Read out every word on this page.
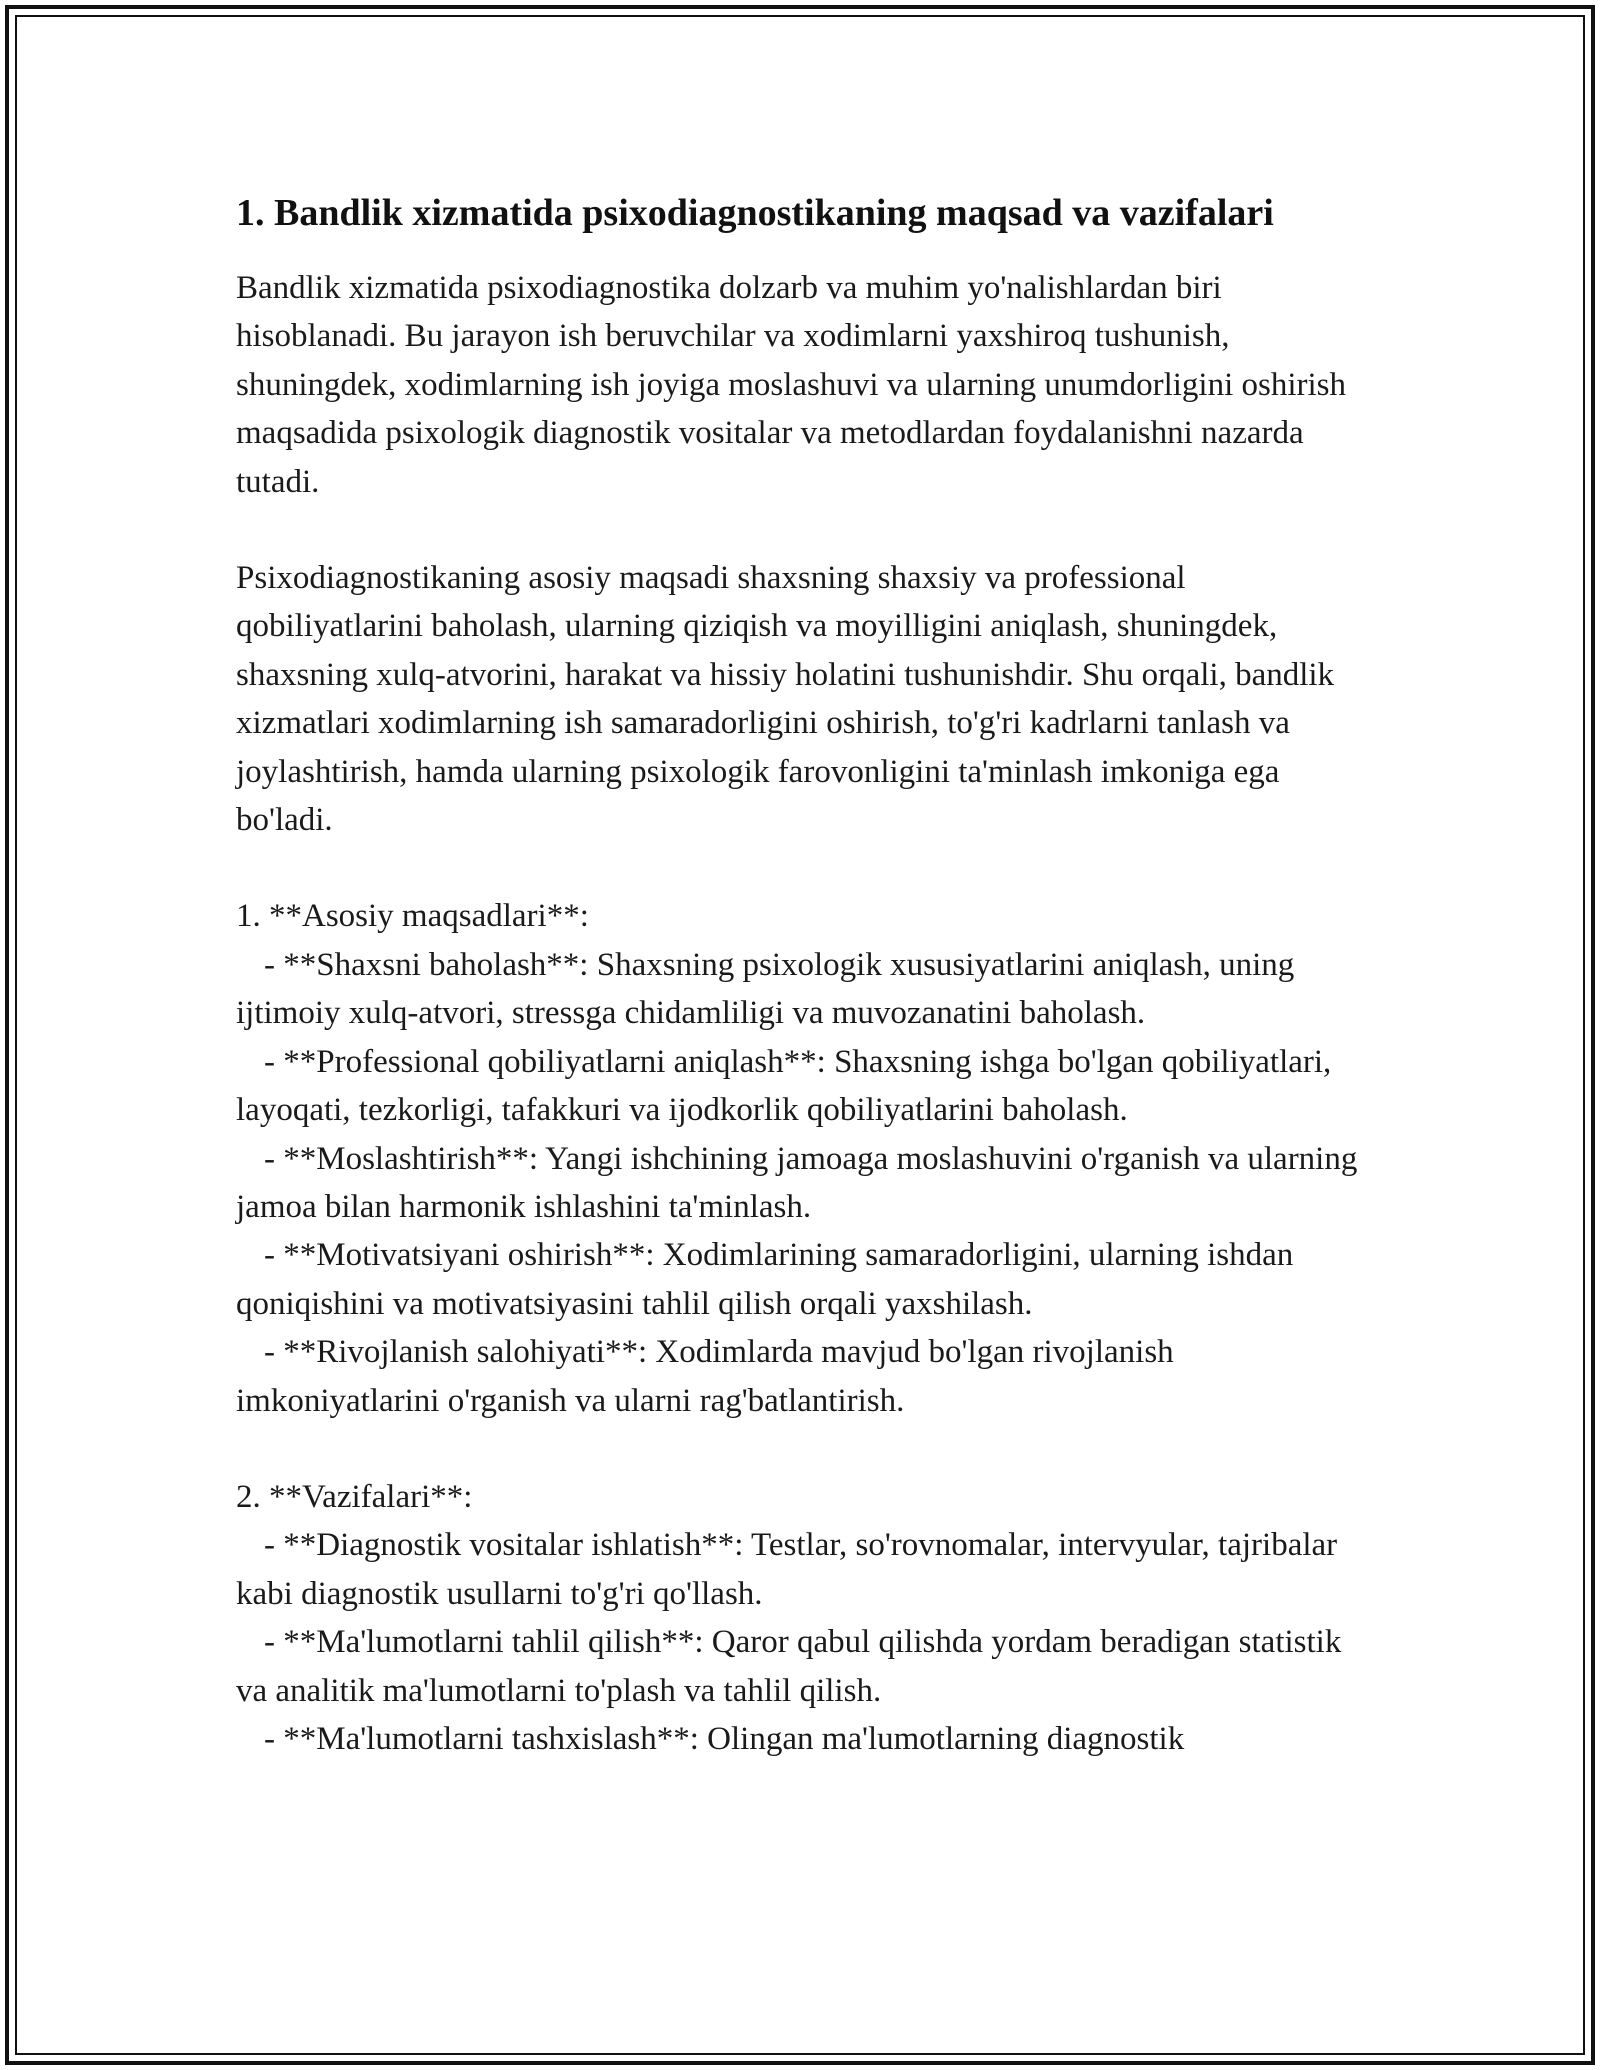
1. Bandlik xizmatida psixodiagnostikaning maqsad va vazifalari

Bandlik xizmatida psixodiagnostika dolzarb va muhim yo'nalishlardan biri hisoblanadi. Bu jarayon ish beruvchilar va xodimlarni yaxshiroq tushunish, shuningdek, xodimlarning ish joyiga moslashuvi va ularning unumdorligini oshirish maqsadida psixologik diagnostik vositalar va metodlardan foydalanishni nazarda tutadi.

Psixodiagnostikaning asosiy maqsadi shaxsning shaxsiy va professional qobiliyatlarini baholash, ularning qiziqish va moyilligini aniqlash, shuningdek, shaxsning xulq-atvorini, harakat va hissiy holatini tushunishdir. Shu orqali, bandlik xizmatlari xodimlarning ish samaradorligini oshirish, to'g'ri kadrlarni tanlash va joylashtirish, hamda ularning psixologik farovonligini ta'minlash imkoniga ega bo'ladi.

1. **Asosiy maqsadlari**:

- **Shaxsni baholash**: Shaxsning psixologik xususiyatlarini aniqlash, uning ijtimoiy xulq-atvori, stressga chidamliligi va muvozanatini baholash.

- **Professional qobiliyatlarni aniqlash**: Shaxsning ishga bo'lgan qobiliyatlari, layoqati, tezkorligi, tafakkuri va ijodkorlik qobiliyatlarini baholash.

- **Moslashtirish**: Yangi ishchining jamoaga moslashuvini o'rganish va ularning jamoa bilan harmonik ishlashini ta'minlash.

- **Motivatsiyani oshirish**: Xodimlarining samaradorligini, ularning ishdan qoniqishini va motivatsiyasini tahlil qilish orqali yaxshilash.

- **Rivojlanish salohiyati**: Xodimlarda mavjud bo'lgan rivojlanish imkoniyatlarini o'rganish va ularni rag'batlantirish.

2. **Vazifalari**:

- **Diagnostik vositalar ishlatish**: Testlar, so'rovnomalar, intervyular, tajribalar kabi diagnostik usullarni to'g'ri qo'llash.

- **Ma'lumotlarni tahlil qilish**: Qaror qabul qilishda yordam beradigan statistik va analitik ma'lumotlarni to'plash va tahlil qilish.

- **Ma'lumotlarni tashxislash**: Olingan ma'lumotlarning diagnostik
